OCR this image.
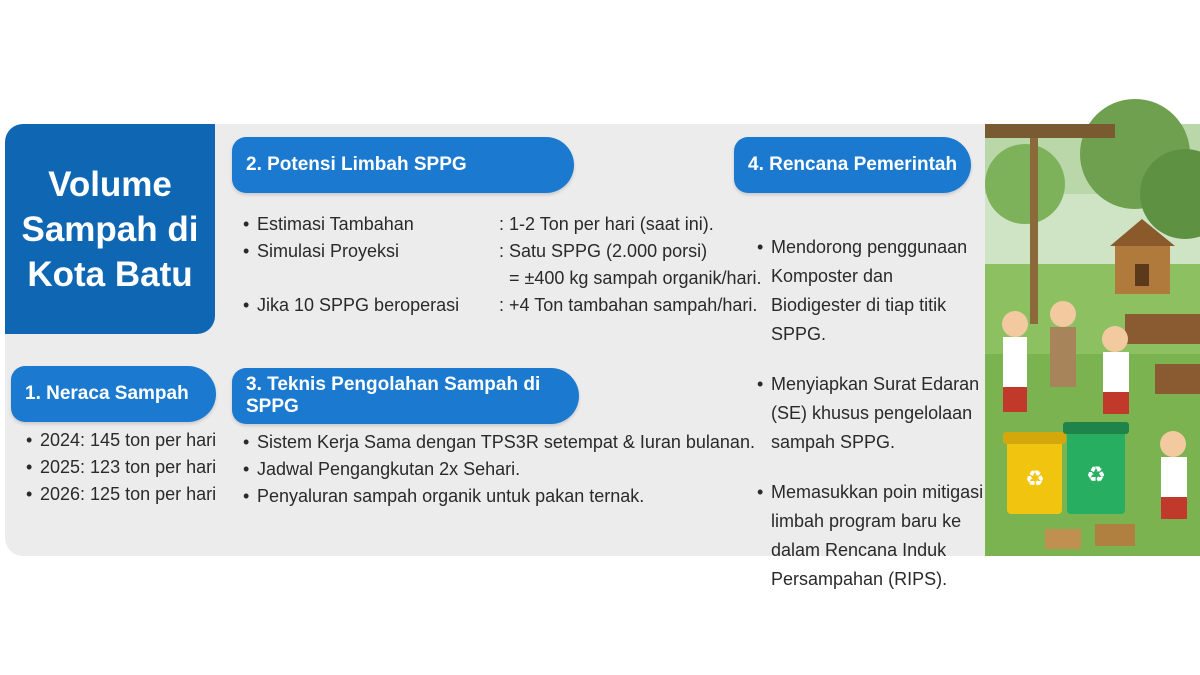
Volume
Sampah di
Kota Batu
1. Neraca Sampah
• 2024: 145 ton per hari
• 2025: 123 ton per hari
• 2026: 125 ton per hari
2. Potensi Limbah SPPG
• Estimasi Tambahan	: 1-2 Ton per hari (saat ini).
• Simulasi Proyeksi	: Satu SPPG (2.000 porsi)
= ±400 kg sampah organik/hari.
• Jika 10 SPPG beroperasi : +4 Ton tambahan sampah/hari.
3. Teknis Pengolahan Sampah di SPPG
• Sistem Kerja Sama dengan TPS3R setempat & Iuran bulanan.
• Jadwal Pengangkutan 2x Sehari.
• Penyaluran sampah organik untuk pakan ternak.
4. Rencana Pemerintah

• Mendorong penggunaan
Komposter dan
Biodigester di tiap titik
SPPG.

• Menyiapkan Surat Edaran
(SE) khusus pengelolaan
sampah SPPG.

• Memasukkan poin mitigasi
limbah program baru ke
dalam Rencana Induk
Persampahan (RIPS).

♻ ♻
